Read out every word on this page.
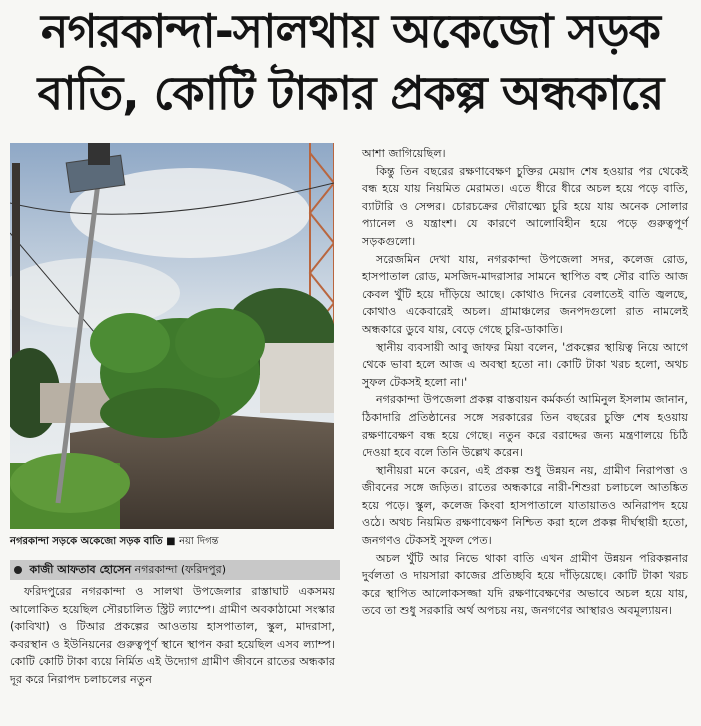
নগরকান্দা-সালথায় অকেজো সড়ক
বাতি, কোটি টাকার প্রকল্প অন্ধকারে
নগরকান্দা সড়কে অকেজো সড়ক বাতি ■ নয়া দিগন্ত
কাজী আফতাব হোসেন নগরকান্দা (ফরিদপুর)

ফরিদপুরের নগরকান্দা ও সালথা উপজেলার রাস্তাঘাট একসময় আলোকিত হয়েছিল সৌরচালিত স্ট্রিট ল্যাম্পে। গ্রামীণ অবকাঠামো সংস্কার (কাবিখা) ও টিআর প্রকল্পের আওতায় হাসপাতাল, স্কুল, মাদরাসা, কবরস্থান ও ইউনিয়নের গুরুত্বপূর্ণ স্থানে স্থাপন করা হয়েছিল এসব ল্যাম্প। কোটি কোটি টাকা ব্যয়ে নির্মিত এই উদ্যোগ গ্রামীণ জীবনে রাতের অন্ধকার দূর করে নিরাপদ চলাচলের নতুন

আশা জাগিয়েছিল।

কিন্তু তিন বছরের রক্ষণাবেক্ষণ চুক্তির মেয়াদ শেষ হওয়ার পর থেকেই বন্ধ হয়ে যায় নিয়মিত মেরামত। এতে ধীরে ধীরে অচল হয়ে পড়ে বাতি, ব্যাটারি ও সেন্সর। চোরচক্রের দৌরাত্ম্যে চুরি হয়ে যায় অনেক সোলার প্যানেল ও যন্ত্রাংশ। যে কারণে আলোবিহীন হয়ে পড়ে গুরুত্বপূর্ণ সড়কগুলো।

সরেজমিন দেখা যায়, নগরকান্দা উপজেলা সদর, কলেজ রোড, হাসপাতাল রোড, মসজিদ-মাদরাসার সামনে স্থাপিত বহু সৌর বাতি আজ কেবল খুঁটি হয়ে দাঁড়িয়ে আছে। কোথাও দিনের বেলাতেই বাতি জ্বলছে, কোথাও একেবারেই অচল। গ্রামাঞ্চলের জনপদগুলো রাত নামলেই অন্ধকারে ডুবে যায়, বেড়ে গেছে চুরি-ডাকাতি।

স্থানীয় ব্যবসায়ী আবু জাফর মিয়া বলেন, 'প্রকল্পের স্থায়িত্ব নিয়ে আগে থেকে ভাবা হলে আজ এ অবস্থা হতো না। কোটি টাকা খরচ হলো, অথচ সুফল টেকসই হলো না।'

নগরকান্দা উপজেলা প্রকল্প বাস্তবায়ন কর্মকর্তা আমিনুল ইসলাম জানান, ঠিকাদারি প্রতিষ্ঠানের সঙ্গে সরকারের তিন বছরের চুক্তি শেষ হওয়ায় রক্ষণাবেক্ষণ বন্ধ হয়ে গেছে। নতুন করে বরাদ্দের জন্য মন্ত্রণালয়ে চিঠি দেওয়া হবে বলে তিনি উল্লেখ করেন।

স্থানীয়রা মনে করেন, এই প্রকল্প শুধু উন্নয়ন নয়, গ্রামীণ নিরাপত্তা ও জীবনের সঙ্গে জড়িত। রাতের অন্ধকারে নারী-শিশুরা চলাচলে আতঙ্কিত হয়ে পড়ে। স্কুল, কলেজ কিংবা হাসপাতালে যাতায়াতও অনিরাপদ হয়ে ওঠে। অথচ নিয়মিত রক্ষণাবেক্ষণ নিশ্চিত করা হলে প্রকল্প দীর্ঘস্থায়ী হতো, জনগণও টেকসই সুফল পেত।

অচল খুঁটি আর নিভে থাকা বাতি এখন গ্রামীণ উন্নয়ন পরিকল্পনার দুর্বলতা ও দায়সারা কাজের প্রতিচ্ছবি হয়ে দাঁড়িয়েছে। কোটি টাকা খরচ করে স্থাপিত আলোকসজ্জা যদি রক্ষণাবেক্ষণের অভাবে অচল হয়ে যায়, তবে তা শুধু সরকারি অর্থ অপচয় নয়, জনগণের আস্থারও অবমূল্যায়ন।
